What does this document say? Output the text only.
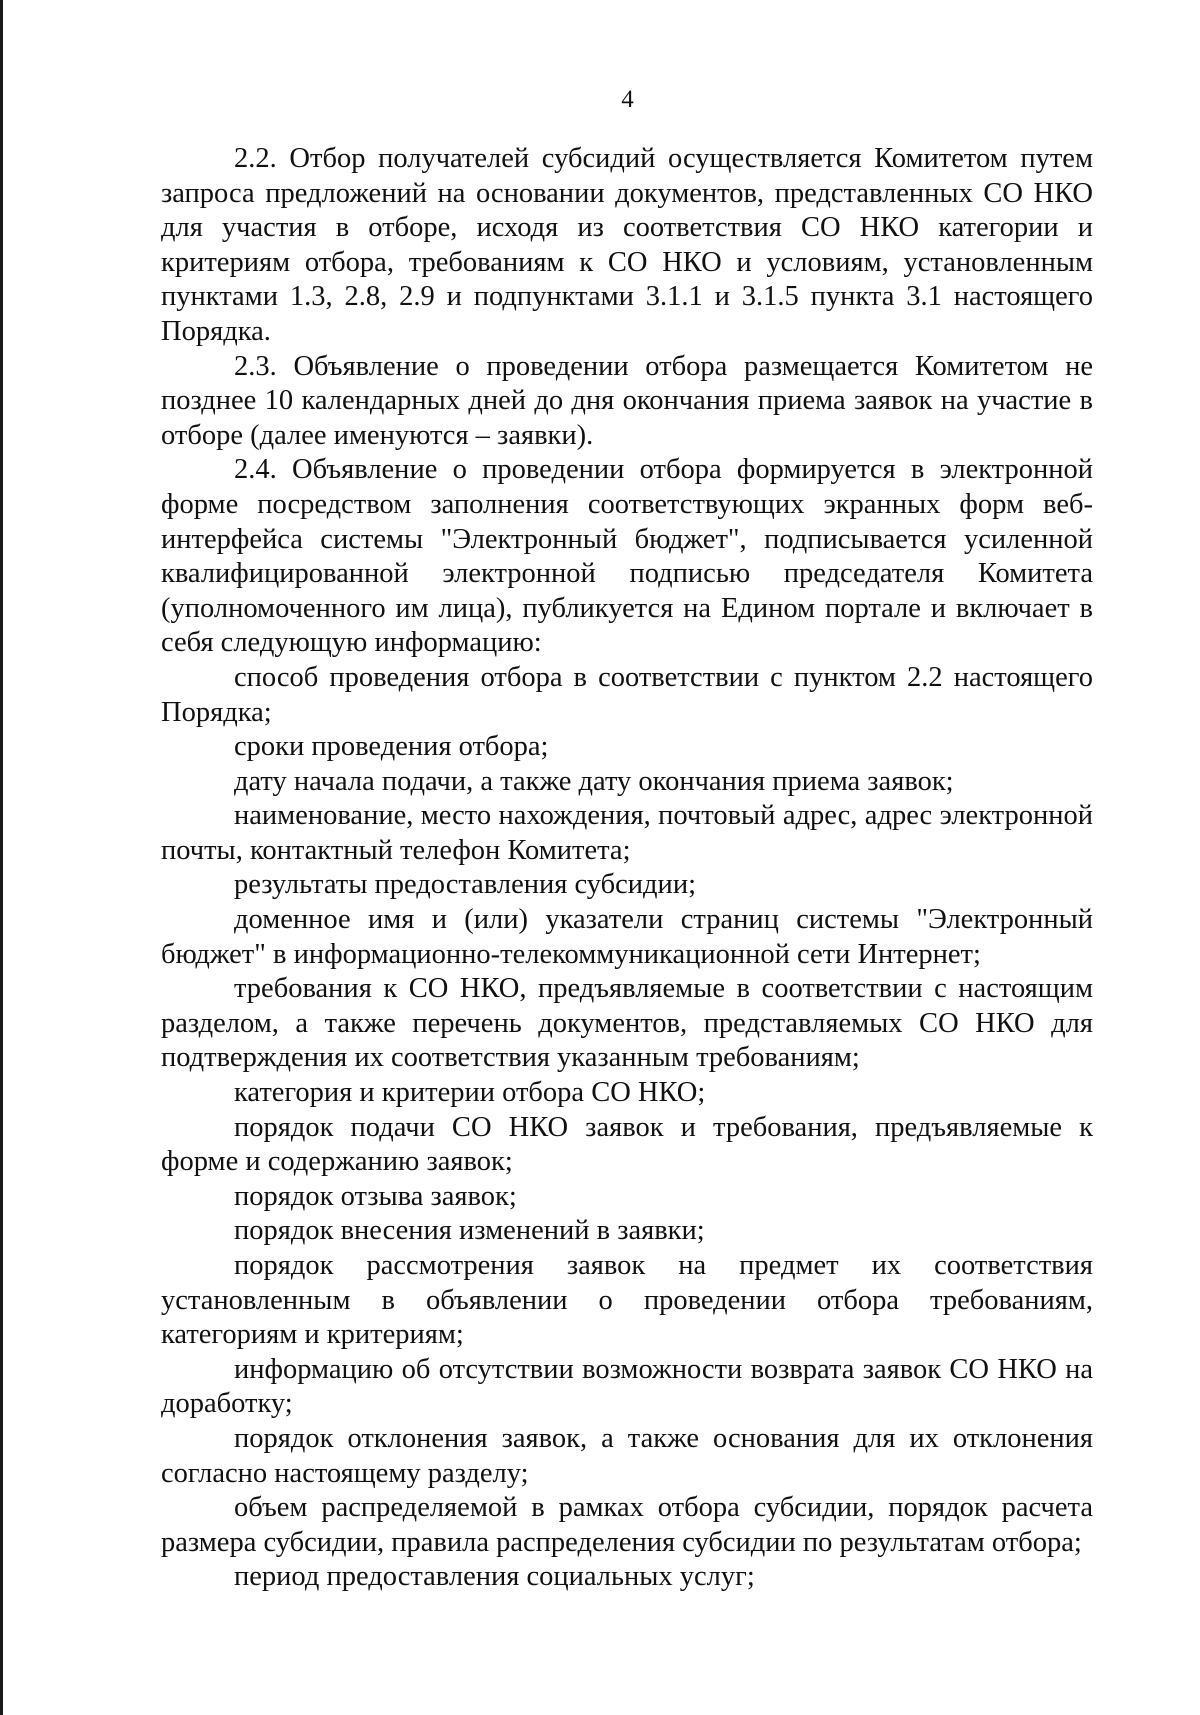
4

2.2. Отбор получателей субсидий осуществляется Комитетом путем запроса предложений на основании документов, представленных СО НКО для участия в отборе, исходя из соответствия СО НКО категории и критериям отбора, требованиям к СО НКО и условиям, установленным пунктами 1.3, 2.8, 2.9 и подпунктами 3.1.1 и 3.1.5 пункта 3.1 настоящего Порядка.

2.3. Объявление о проведении отбора размещается Комитетом не позднее 10 календарных дней до дня окончания приема заявок на участие в отборе (далее именуются – заявки).

2.4. Объявление о проведении отбора формируется в электронной форме посредством заполнения соответствующих экранных форм веб-интерфейса системы "Электронный бюджет", подписывается усиленной квалифицированной электронной подписью председателя Комитета (уполномоченного им лица), публикуется на Едином портале и включает в себя следующую информацию:

способ проведения отбора в соответствии с пунктом 2.2 настоящего Порядка;

сроки проведения отбора;

дату начала подачи, а также дату окончания приема заявок;

наименование, место нахождения, почтовый адрес, адрес электронной почты, контактный телефон Комитета;

результаты предоставления субсидии;

доменное имя и (или) указатели страниц системы "Электронный бюджет" в информационно-телекоммуникационной сети Интернет;

требования к СО НКО, предъявляемые в соответствии с настоящим разделом, а также перечень документов, представляемых СО НКО для подтверждения их соответствия указанным требованиям;

категория и критерии отбора СО НКО;

порядок подачи СО НКО заявок и требования, предъявляемые к форме и содержанию заявок;

порядок отзыва заявок;

порядок внесения изменений в заявки;

порядок рассмотрения заявок на предмет их соответствия установленным в объявлении о проведении отбора требованиям, категориям и критериям;

информацию об отсутствии возможности возврата заявок СО НКО на доработку;

порядок отклонения заявок, а также основания для их отклонения согласно настоящему разделу;

объем распределяемой в рамках отбора субсидии, порядок расчета размера субсидии, правила распределения субсидии по результатам отбора;

период предоставления социальных услуг;
